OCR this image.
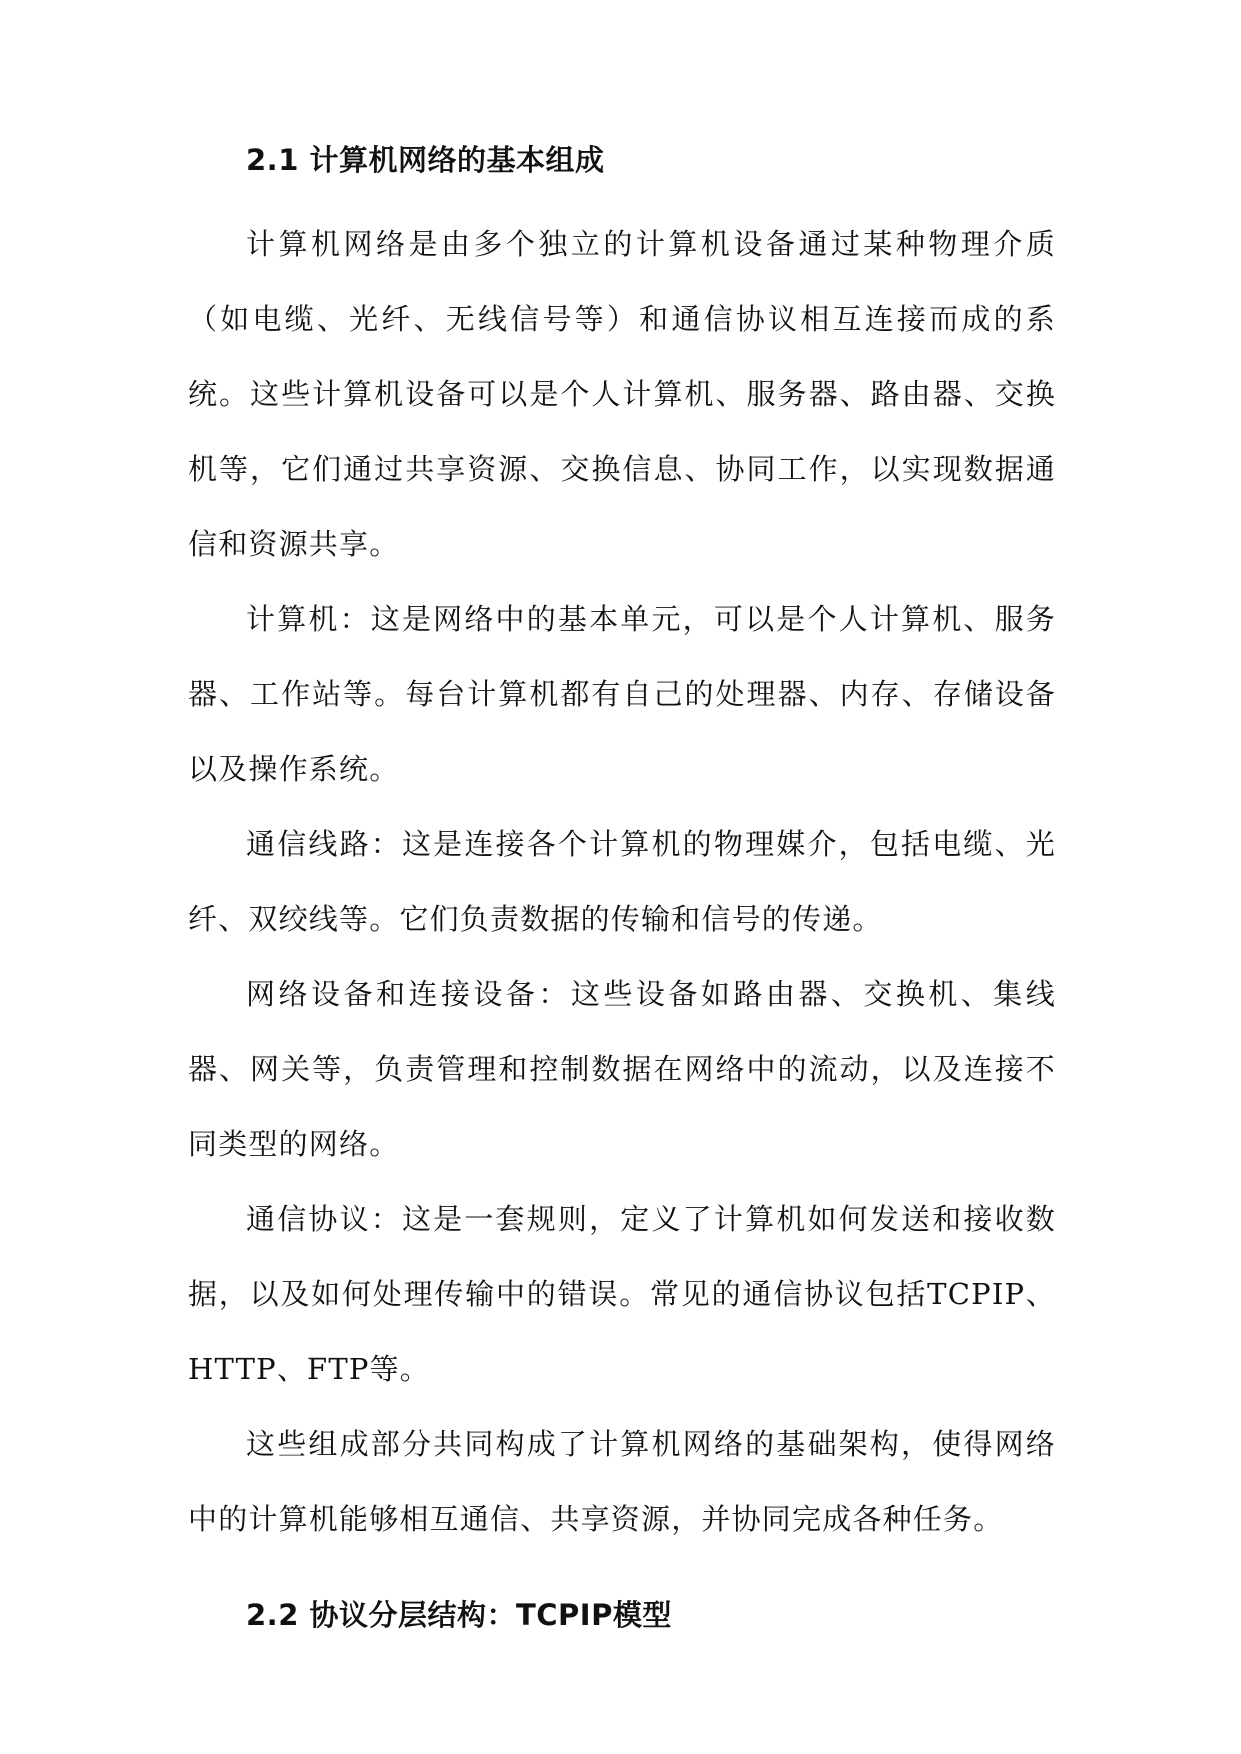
2.1 计算机网络的基本组成

计算机网络是由多个独立的计算机设备通过某种物理介质（如电缆、光纤、无线信号等）和通信协议相互连接而成的系统。这些计算机设备可以是个人计算机、服务器、路由器、交换机等，它们通过共享资源、交换信息、协同工作，以实现数据通信和资源共享。

计算机：这是网络中的基本单元，可以是个人计算机、服务器、工作站等。每台计算机都有自己的处理器、内存、存储设备以及操作系统。

通信线路：这是连接各个计算机的物理媒介，包括电缆、光纤、双绞线等。它们负责数据的传输和信号的传递。

网络设备和连接设备：这些设备如路由器、交换机、集线器、网关等，负责管理和控制数据在网络中的流动，以及连接不同类型的网络。

通信协议：这是一套规则，定义了计算机如何发送和接收数据，以及如何处理传输中的错误。常见的通信协议包括TCPIP、HTTP、FTP等。

这些组成部分共同构成了计算机网络的基础架构，使得网络中的计算机能够相互通信、共享资源，并协同完成各种任务。

2.2 协议分层结构：TCPIP模型
